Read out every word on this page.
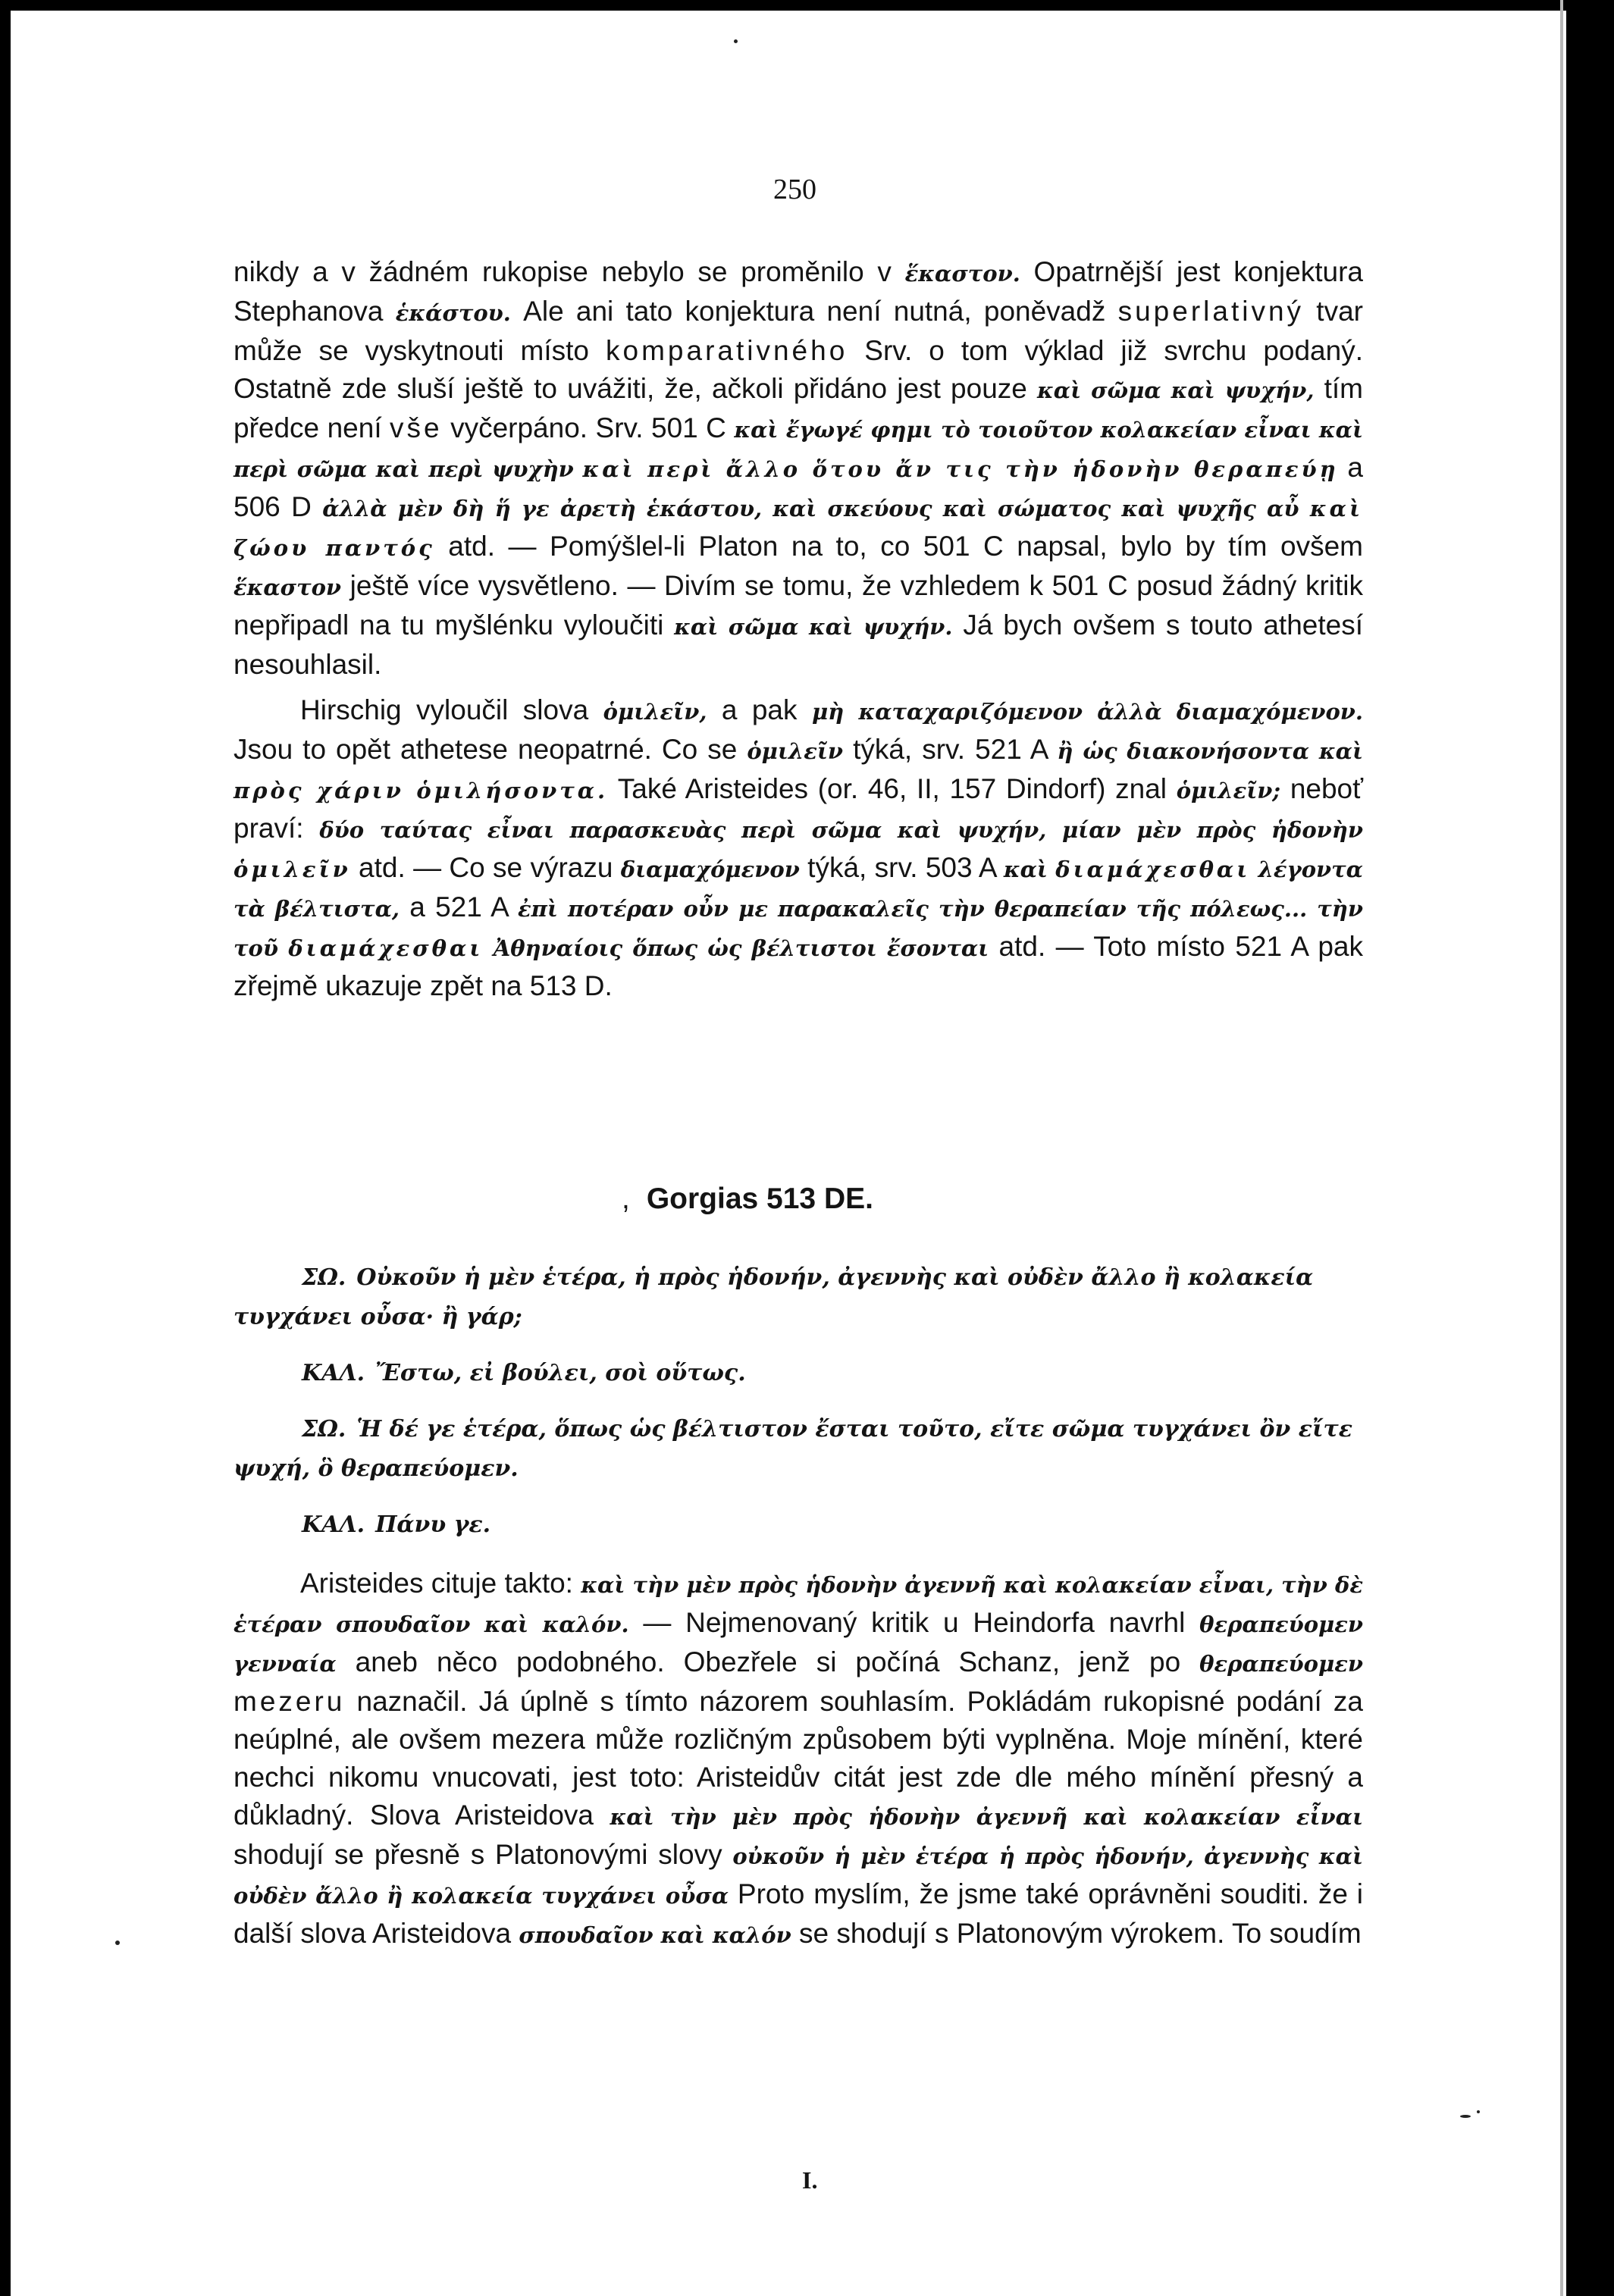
250

nikdy a v žádném rukopise nebylo se proměnilo v ἕκαστον. Opatrnější jest konjektura Stephanova ἑκάστου. Ale ani tato konjektura není nutná, poněvadž superlativný tvar může se vyskytnouti místo komparativného Srv. o tom výklad již svrchu podaný. Ostatně zde sluší ještě to uvážiti, že, ačkoli přidáno jest pouze καὶ σῶμα καὶ ψυχήν, tím předce není vše vyčerpáno. Srv. 501 C καὶ ἔγωγέ φημι τὸ τοιοῦτον κολακείαν εἶναι καὶ περὶ σῶμα καὶ περὶ ψυχὴν καὶ περὶ ἄλλο ὅτου ἄν τις τὴν ἡδονὴν θεραπεύῃ a 506 D ἀλλὰ μὲν δὴ ἥ γε ἀρετὴ ἑκάστου, καὶ σκεύους καὶ σώματος καὶ ψυχῆς αὖ καὶ ζώου παντός atd. — Pomýšlel-li Platon na to, co 501 C napsal, bylo by tím ovšem ἕκαστον ještě více vysvětleno. — Divím se tomu, že vzhledem k 501 C posud žádný kritik nepřipadl na tu myšlénku vyloučiti καὶ σῶμα καὶ ψυχήν. Já bych ovšem s touto athetesí nesouhlasil.

Hirschig vyloučil slova ὁμιλεῖν, a pak μὴ καταχαριζόμενον ἀλλὰ διαμαχόμενον. Jsou to opět athetese neopatrné. Co se ὁμιλεῖν týká, srv. 521 A ἢ ὡς διακονήσοντα καὶ πρὸς χάριν ὁμιλήσοντα. Také Aristeides (or. 46, II, 157 Dindorf) znal ὁμιλεῖν; neboť praví: δύο ταύτας εἶναι παρασκευὰς περὶ σῶμα καὶ ψυχήν, μίαν μὲν πρὸς ἡδονὴν ὁμιλεῖν atd. — Co se výrazu διαμαχόμενον týká, srv. 503 A καὶ διαμάχεσθαι λέγοντα τὰ βέλτιστα, a 521 A ἐπὶ ποτέραν οὖν με παρακαλεῖς τὴν θεραπείαν τῆς πόλεως... τὴν τοῦ διαμάχεσθαι Ἀθηναίοις ὅπως ὡς βέλτιστοι ἔσονται atd. — Toto místo 521 A pak zřejmě ukazuje zpět na 513 D.

, Gorgias 513 DE.
ΣΩ. Οὐκοῦν ἡ μὲν ἑτέρα, ἡ πρὸς ἡδονήν, ἀγεννὴς καὶ οὐδὲν ἄλλο ἢ κολακεία τυγχάνει οὖσα· ἢ γάρ;
ΚΑΛ. Ἔστω, εἰ βούλει, σοὶ οὕτως.
ΣΩ. Ἡ δέ γε ἑτέρα, ὅπως ὡς βέλτιστον ἔσται τοῦτο, εἴτε σῶμα τυγχάνει ὂν εἴτε ψυχή, ὃ θεραπεύομεν.
ΚΑΛ. Πάνυ γε.

Aristeides cituje takto: καὶ τὴν μὲν πρὸς ἡδονὴν ἀγεννῆ καὶ κολακείαν εἶναι, τὴν δὲ ἑτέραν σπουδαῖον καὶ καλόν. — Nejmenovaný kritik u Heindorfa navrhl θεραπεύομεν γενναία aneb něco podobného. Obezřele si počíná Schanz, jenž po θεραπεύομεν mezeru naznačil. Já úplně s tímto názorem souhlasím. Pokládám rukopisné podání za neúplné, ale ovšem mezera může rozličným způsobem býti vyplněna. Moje mínění, které nechci nikomu vnucovati, jest toto: Aristeidův citát jest zde dle mého mínění přesný a důkladný. Slova Aristeidova καὶ τὴν μὲν πρὸς ἡδονὴν ἀγεννῆ καὶ κολακείαν εἶναι shodují se přesně s Platonovými slovy οὐκοῦν ἡ μὲν ἑτέρα ἡ πρὸς ἡδονήν, ἀγεννὴς καὶ οὐδὲν ἄλλο ἢ κολακεία τυγχάνει οὖσα Proto myslím, že jsme také oprávněni souditi. že i další slova Aristeidova σπουδαῖον καὶ καλόν se shodují s Platonovým výrokem. To soudím

I.
